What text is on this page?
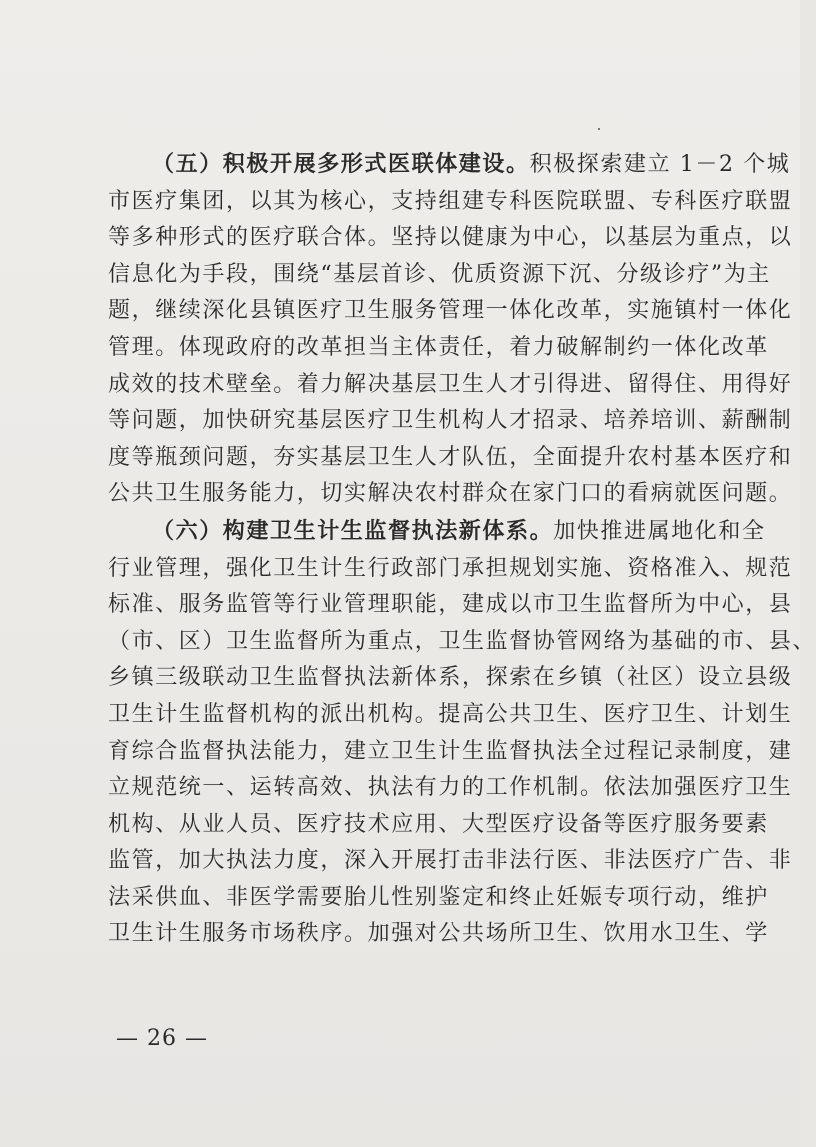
（五）积极开展多形式医联体建设。积极探索建立 1－2 个城
市医疗集团，以其为核心，支持组建专科医院联盟、专科医疗联盟
等多种形式的医疗联合体。坚持以健康为中心，以基层为重点，以
信息化为手段，围绕“基层首诊、优质资源下沉、分级诊疗”为主
题，继续深化县镇医疗卫生服务管理一体化改革，实施镇村一体化
管理。体现政府的改革担当主体责任，着力破解制约一体化改革
成效的技术壁垒。着力解决基层卫生人才引得进、留得住、用得好
等问题，加快研究基层医疗卫生机构人才招录、培养培训、薪酬制
度等瓶颈问题，夯实基层卫生人才队伍，全面提升农村基本医疗和
公共卫生服务能力，切实解决农村群众在家门口的看病就医问题。

（六）构建卫生计生监督执法新体系。加快推进属地化和全
行业管理，强化卫生计生行政部门承担规划实施、资格准入、规范
标准、服务监管等行业管理职能，建成以市卫生监督所为中心，县
（市、区）卫生监督所为重点，卫生监督协管网络为基础的市、县、
乡镇三级联动卫生监督执法新体系，探索在乡镇（社区）设立县级
卫生计生监督机构的派出机构。提高公共卫生、医疗卫生、计划生
育综合监督执法能力，建立卫生计生监督执法全过程记录制度，建
立规范统一、运转高效、执法有力的工作机制。依法加强医疗卫生
机构、从业人员、医疗技术应用、大型医疗设备等医疗服务要素
监管，加大执法力度，深入开展打击非法行医、非法医疗广告、非
法采供血、非医学需要胎儿性别鉴定和终止妊娠专项行动，维护
卫生计生服务市场秩序。加强对公共场所卫生、饮用水卫生、学

— 26 —
